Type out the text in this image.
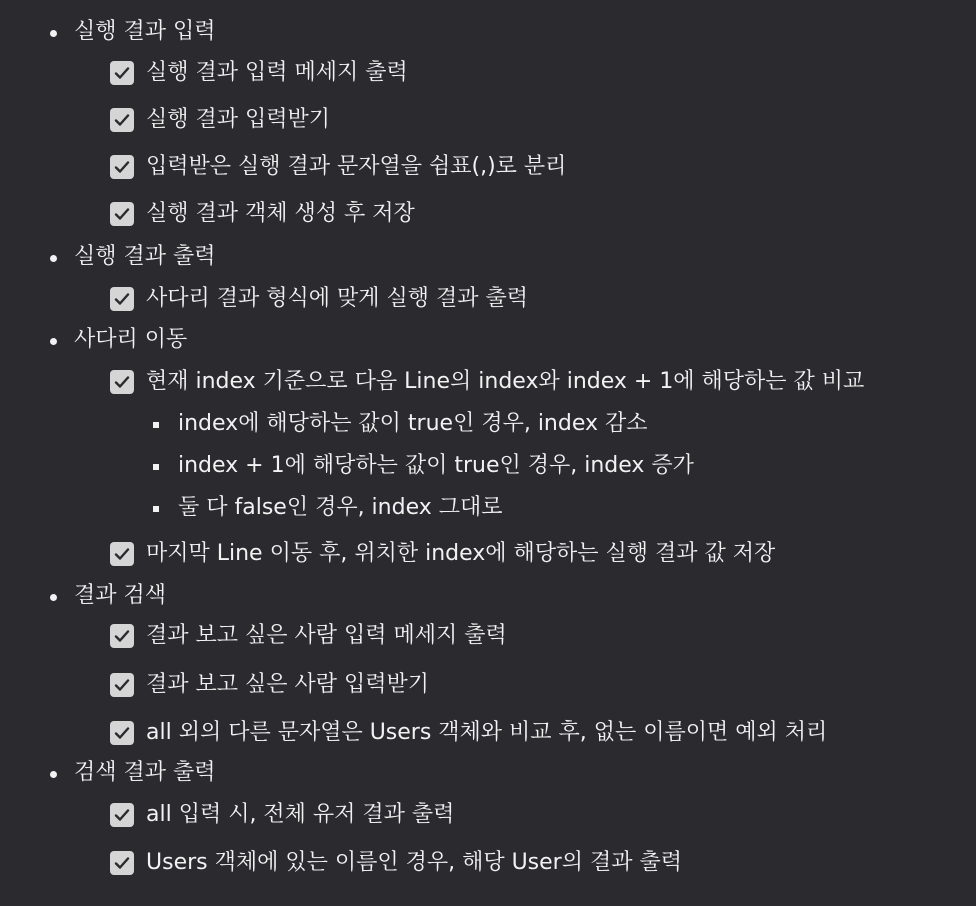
실행 결과 입력
실행 결과 입력 메세지 출력
실행 결과 입력받기
입력받은 실행 결과 문자열을 쉼표(,)로 분리
실행 결과 객체 생성 후 저장
실행 결과 출력
사다리 결과 형식에 맞게 실행 결과 출력
사다리 이동
현재 index 기준으로 다음 Line의 index와 index + 1에 해당하는 값 비교
index에 해당하는 값이 true인 경우, index 감소
index + 1에 해당하는 값이 true인 경우, index 증가
둘 다 false인 경우, index 그대로
마지막 Line 이동 후, 위치한 index에 해당하는 실행 결과 값 저장
결과 검색
결과 보고 싶은 사람 입력 메세지 출력
결과 보고 싶은 사람 입력받기
all 외의 다른 문자열은 Users 객체와 비교 후, 없는 이름이면 예외 처리
검색 결과 출력
all 입력 시, 전체 유저 결과 출력
Users 객체에 있는 이름인 경우, 해당 User의 결과 출력
